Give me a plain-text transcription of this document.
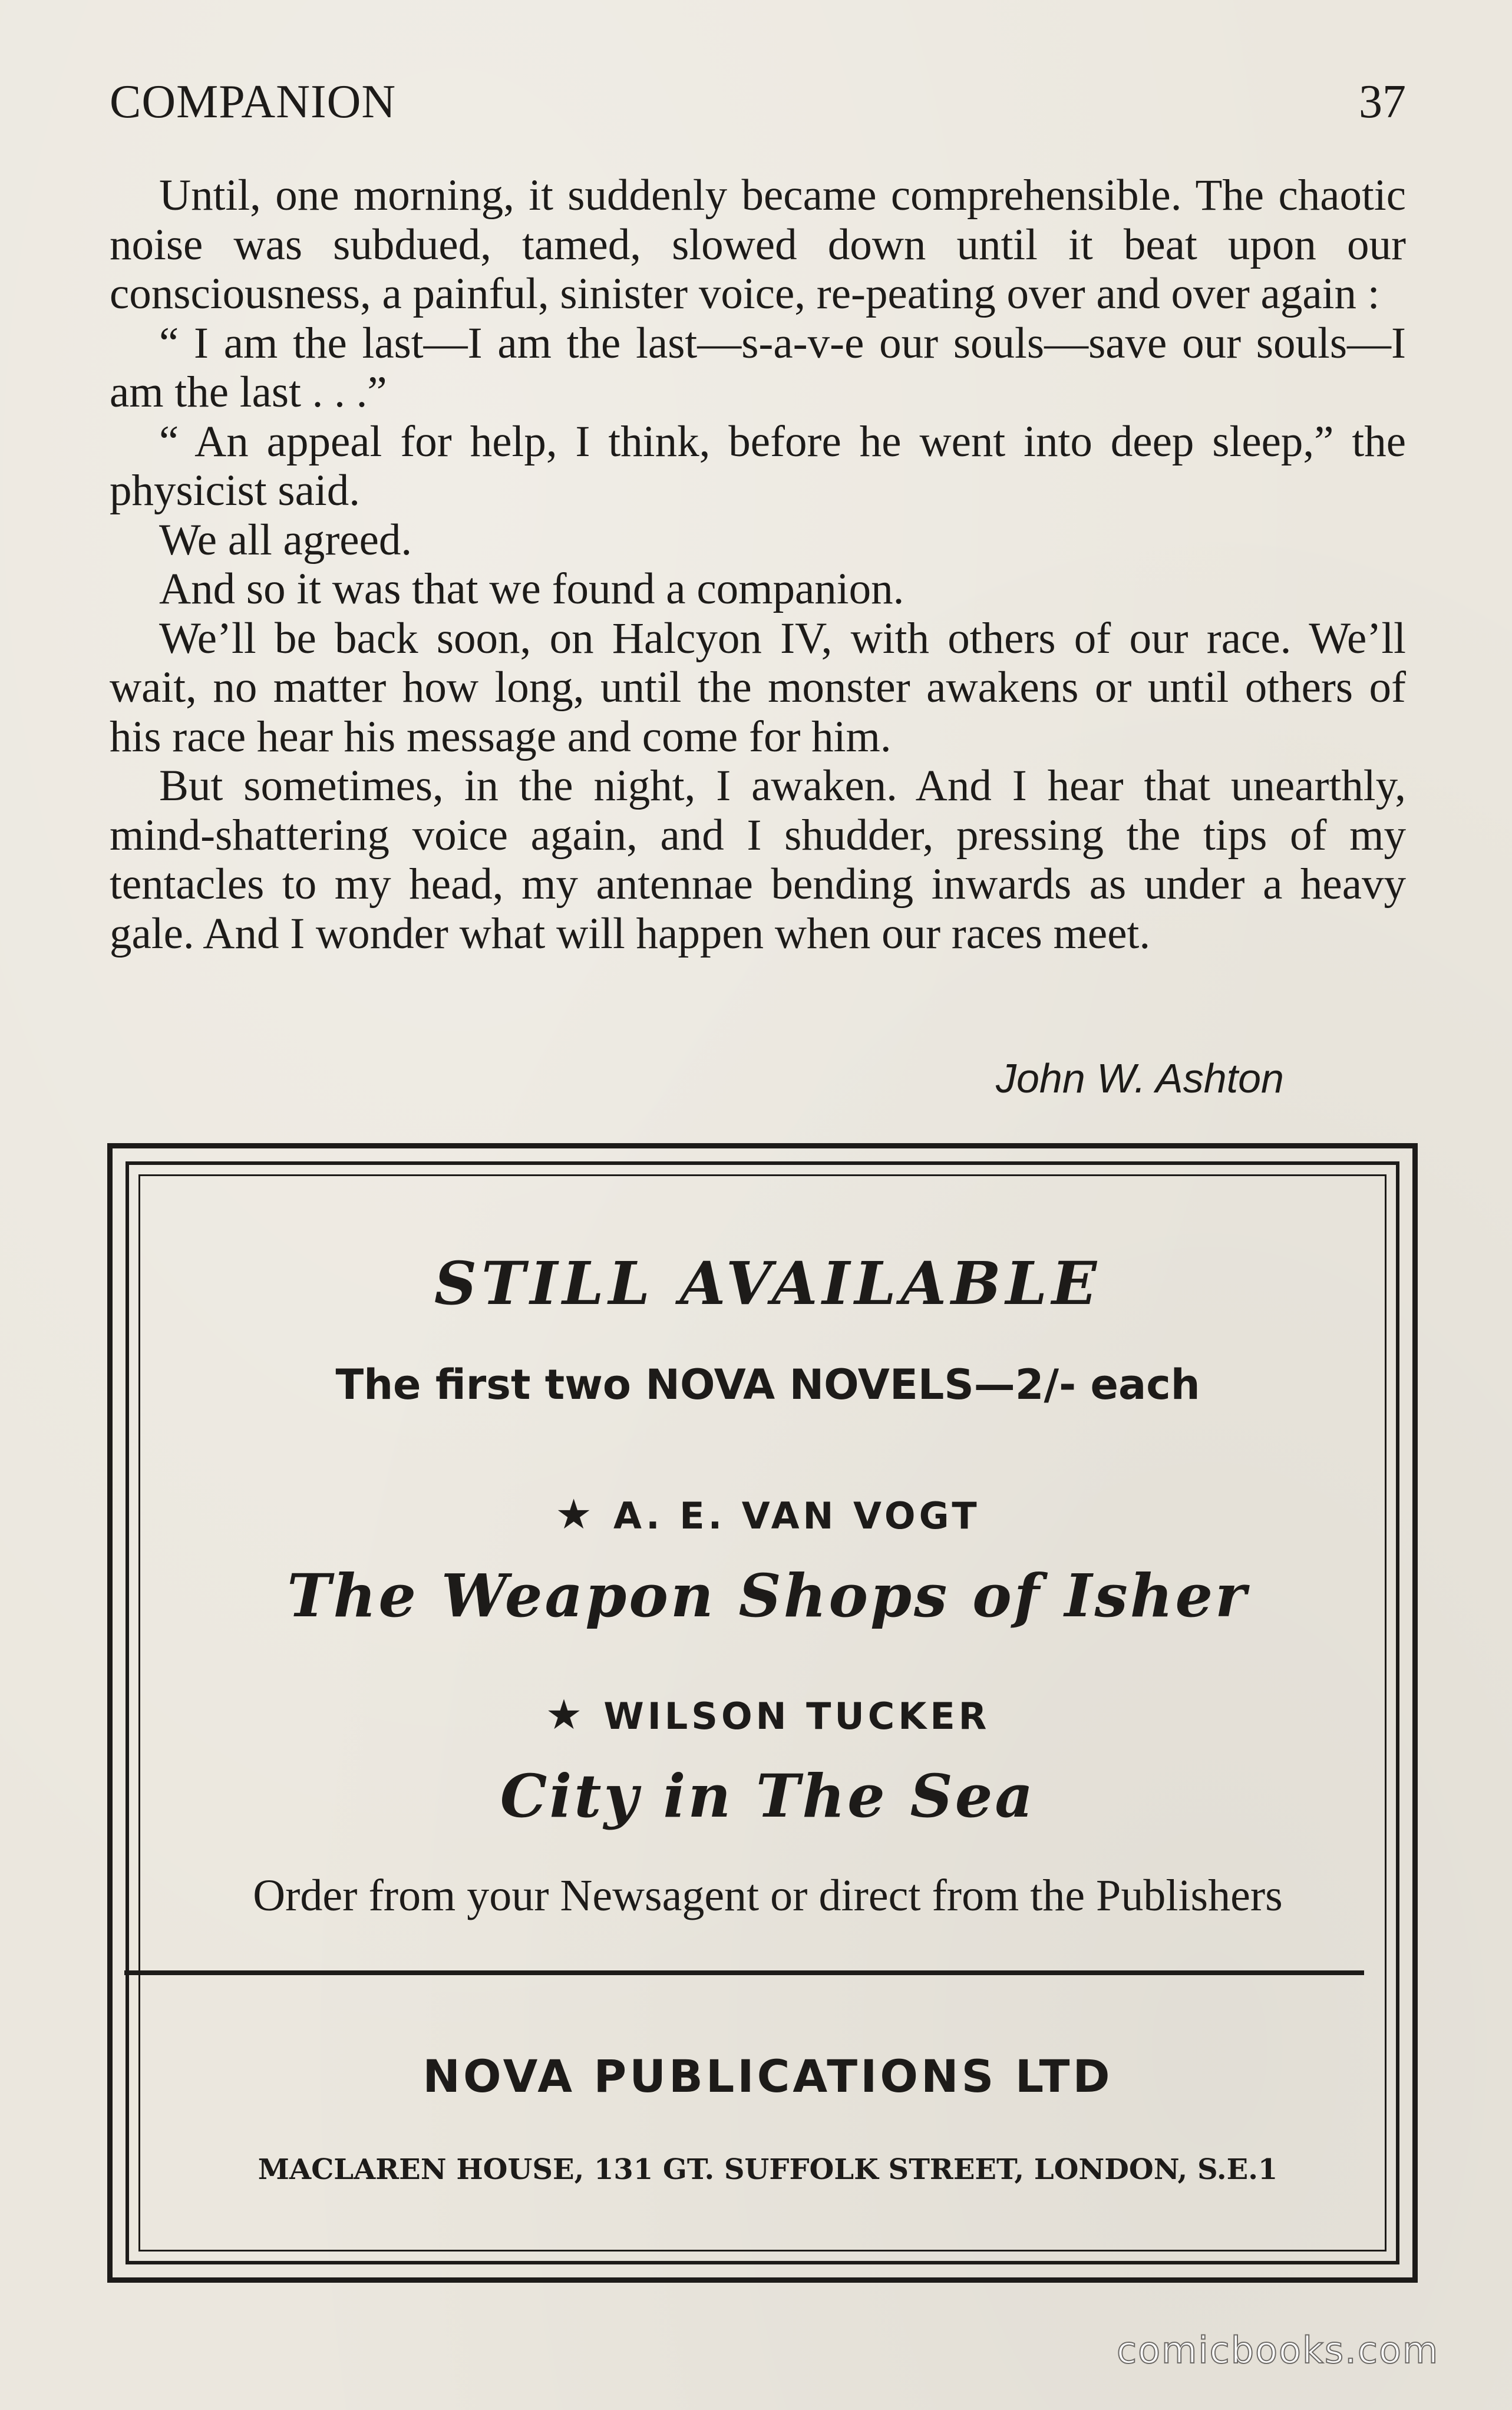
COMPANION	37

Until, one morning, it suddenly became comprehensible. The chaotic noise was subdued, tamed, slowed down until it beat upon our consciousness, a painful, sinister voice, re-peating over and over again :

“ I am the last—I am the last—s-a-v-e our souls—save our souls—I am the last . . .”

“ An appeal for help, I think, before he went into deep sleep,” the physicist said.

We all agreed.

And so it was that we found a companion.

We’ll be back soon, on Halcyon IV, with others of our race. We’ll wait, no matter how long, until the monster awakens or until others of his race hear his message and come for him.

But sometimes, in the night, I awaken. And I hear that unearthly, mind-shattering voice again, and I shudder, pressing the tips of my tentacles to my head, my antennae bending inwards as under a heavy gale. And I wonder what will happen when our races meet.

John W. Ashton
STILL AVAILABLE
The first two NOVA NOVELS—2/- each
★ A. E. VAN VOGT
The Weapon Shops of Isher
★ WILSON TUCKER
City in The Sea
Order from your Newsagent or direct from the Publishers
NOVA PUBLICATIONS LTD
MACLAREN HOUSE, 131 GT. SUFFOLK STREET, LONDON, S.E.1
comicbooks.com
